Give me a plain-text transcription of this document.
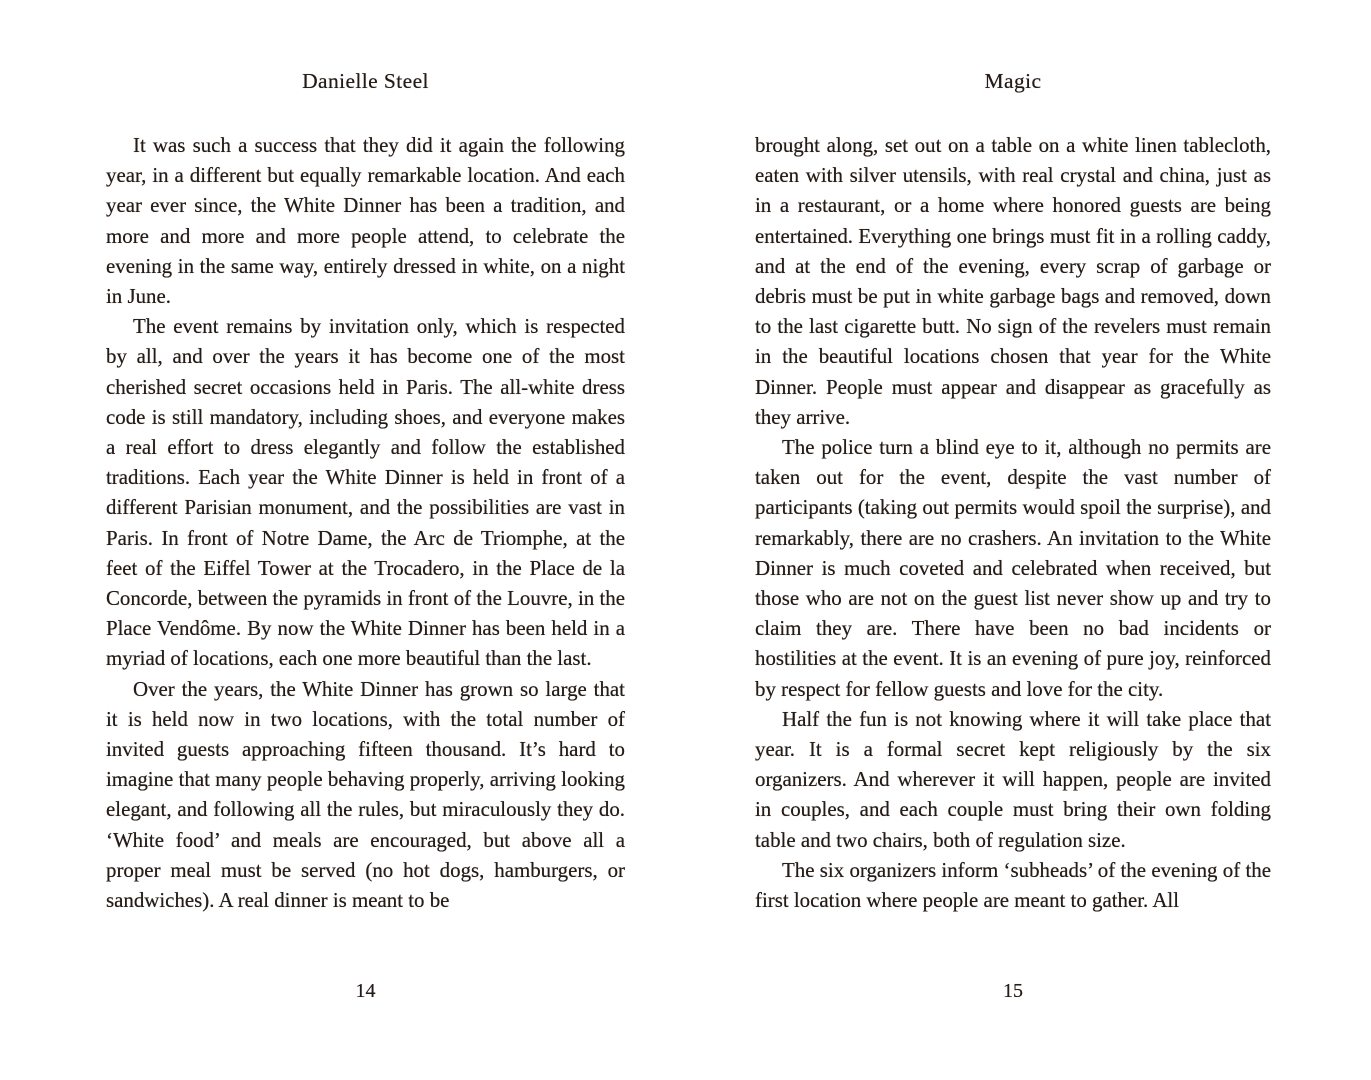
Danielle Steel

It was such a success that they did it again the following year, in a different but equally remarkable location. And each year ever since, the White Dinner has been a tradition, and more and more and more people attend, to celebrate the evening in the same way, entirely dressed in white, on a night in June.

The event remains by invitation only, which is respected by all, and over the years it has become one of the most cherished secret occasions held in Paris. The all-white dress code is still mandatory, including shoes, and everyone makes a real effort to dress elegantly and follow the established traditions. Each year the White Dinner is held in front of a different Parisian monument, and the possibilities are vast in Paris. In front of Notre Dame, the Arc de Triomphe, at the feet of the Eiffel Tower at the Trocadero, in the Place de la Concorde, between the pyramids in front of the Louvre, in the Place Vendôme. By now the White Dinner has been held in a myriad of locations, each one more beautiful than the last.

Over the years, the White Dinner has grown so large that it is held now in two locations, with the total number of invited guests approaching fifteen thousand. It’s hard to imagine that many people behaving properly, arriving looking elegant, and following all the rules, but miraculously they do. ‘White food’ and meals are encouraged, but above all a proper meal must be served (no hot dogs, hamburgers, or sandwiches). A real dinner is meant to be

14
Magic

brought along, set out on a table on a white linen tablecloth, eaten with silver utensils, with real crystal and china, just as in a restaurant, or a home where honored guests are being entertained. Everything one brings must fit in a rolling caddy, and at the end of the evening, every scrap of garbage or debris must be put in white garbage bags and removed, down to the last cigarette butt. No sign of the revelers must remain in the beautiful locations chosen that year for the White Dinner. People must appear and disappear as gracefully as they arrive.

The police turn a blind eye to it, although no permits are taken out for the event, despite the vast number of participants (taking out permits would spoil the surprise), and remarkably, there are no crashers. An invitation to the White Dinner is much coveted and celebrated when received, but those who are not on the guest list never show up and try to claim they are. There have been no bad incidents or hostilities at the event. It is an evening of pure joy, reinforced by respect for fellow guests and love for the city.

Half the fun is not knowing where it will take place that year. It is a formal secret kept religiously by the six organizers. And wherever it will happen, people are invited in couples, and each couple must bring their own folding table and two chairs, both of regulation size.

The six organizers inform ‘subheads’ of the evening of the first location where people are meant to gather. All

15
